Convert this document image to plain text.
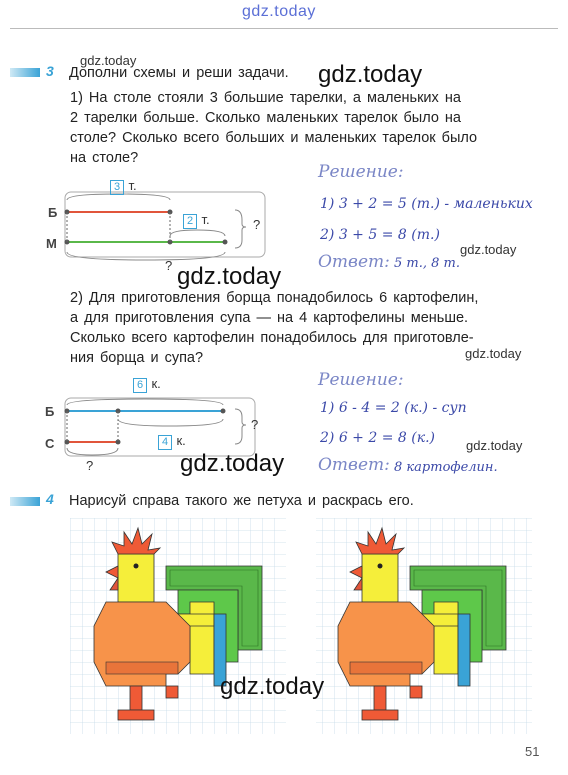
gdz.today
3 Дополни схемы и реши задачи.
gdz.today
gdz.today
1) На столе стояли 3 большие тарелки, а маленьких на
2 тарелки больше. Сколько маленьких тарелок было на
столе? Сколько всего больших и маленьких тарелок было
на столе?
Б
М
3 т.
2 т.	?
? gdz.today
Решение:
1) 3 + 2 = 5 (т.) - маленьких
2) 3 + 5 = 8 (т.)
Ответ: 5 т., 8 т.
gdz.today
2) Для приготовления борща понадобилось 6 картофелин,
а для приготовления супа — на 4 картофелины меньше.
Сколько всего картофелин понадобилось для приготовле-
ния борща и супа?	gdz.today
Б
С
6 к.
4 к.
?
?	gdz.today
Решение:
1) 6 - 4 = 2 (к.) - суп
2) 6 + 2 = 8 (к.)
Ответ: 8 картофелин.
gdz.today
4 Нарисуй справа такого же петуха и раскрась его.
gdz.today
51
